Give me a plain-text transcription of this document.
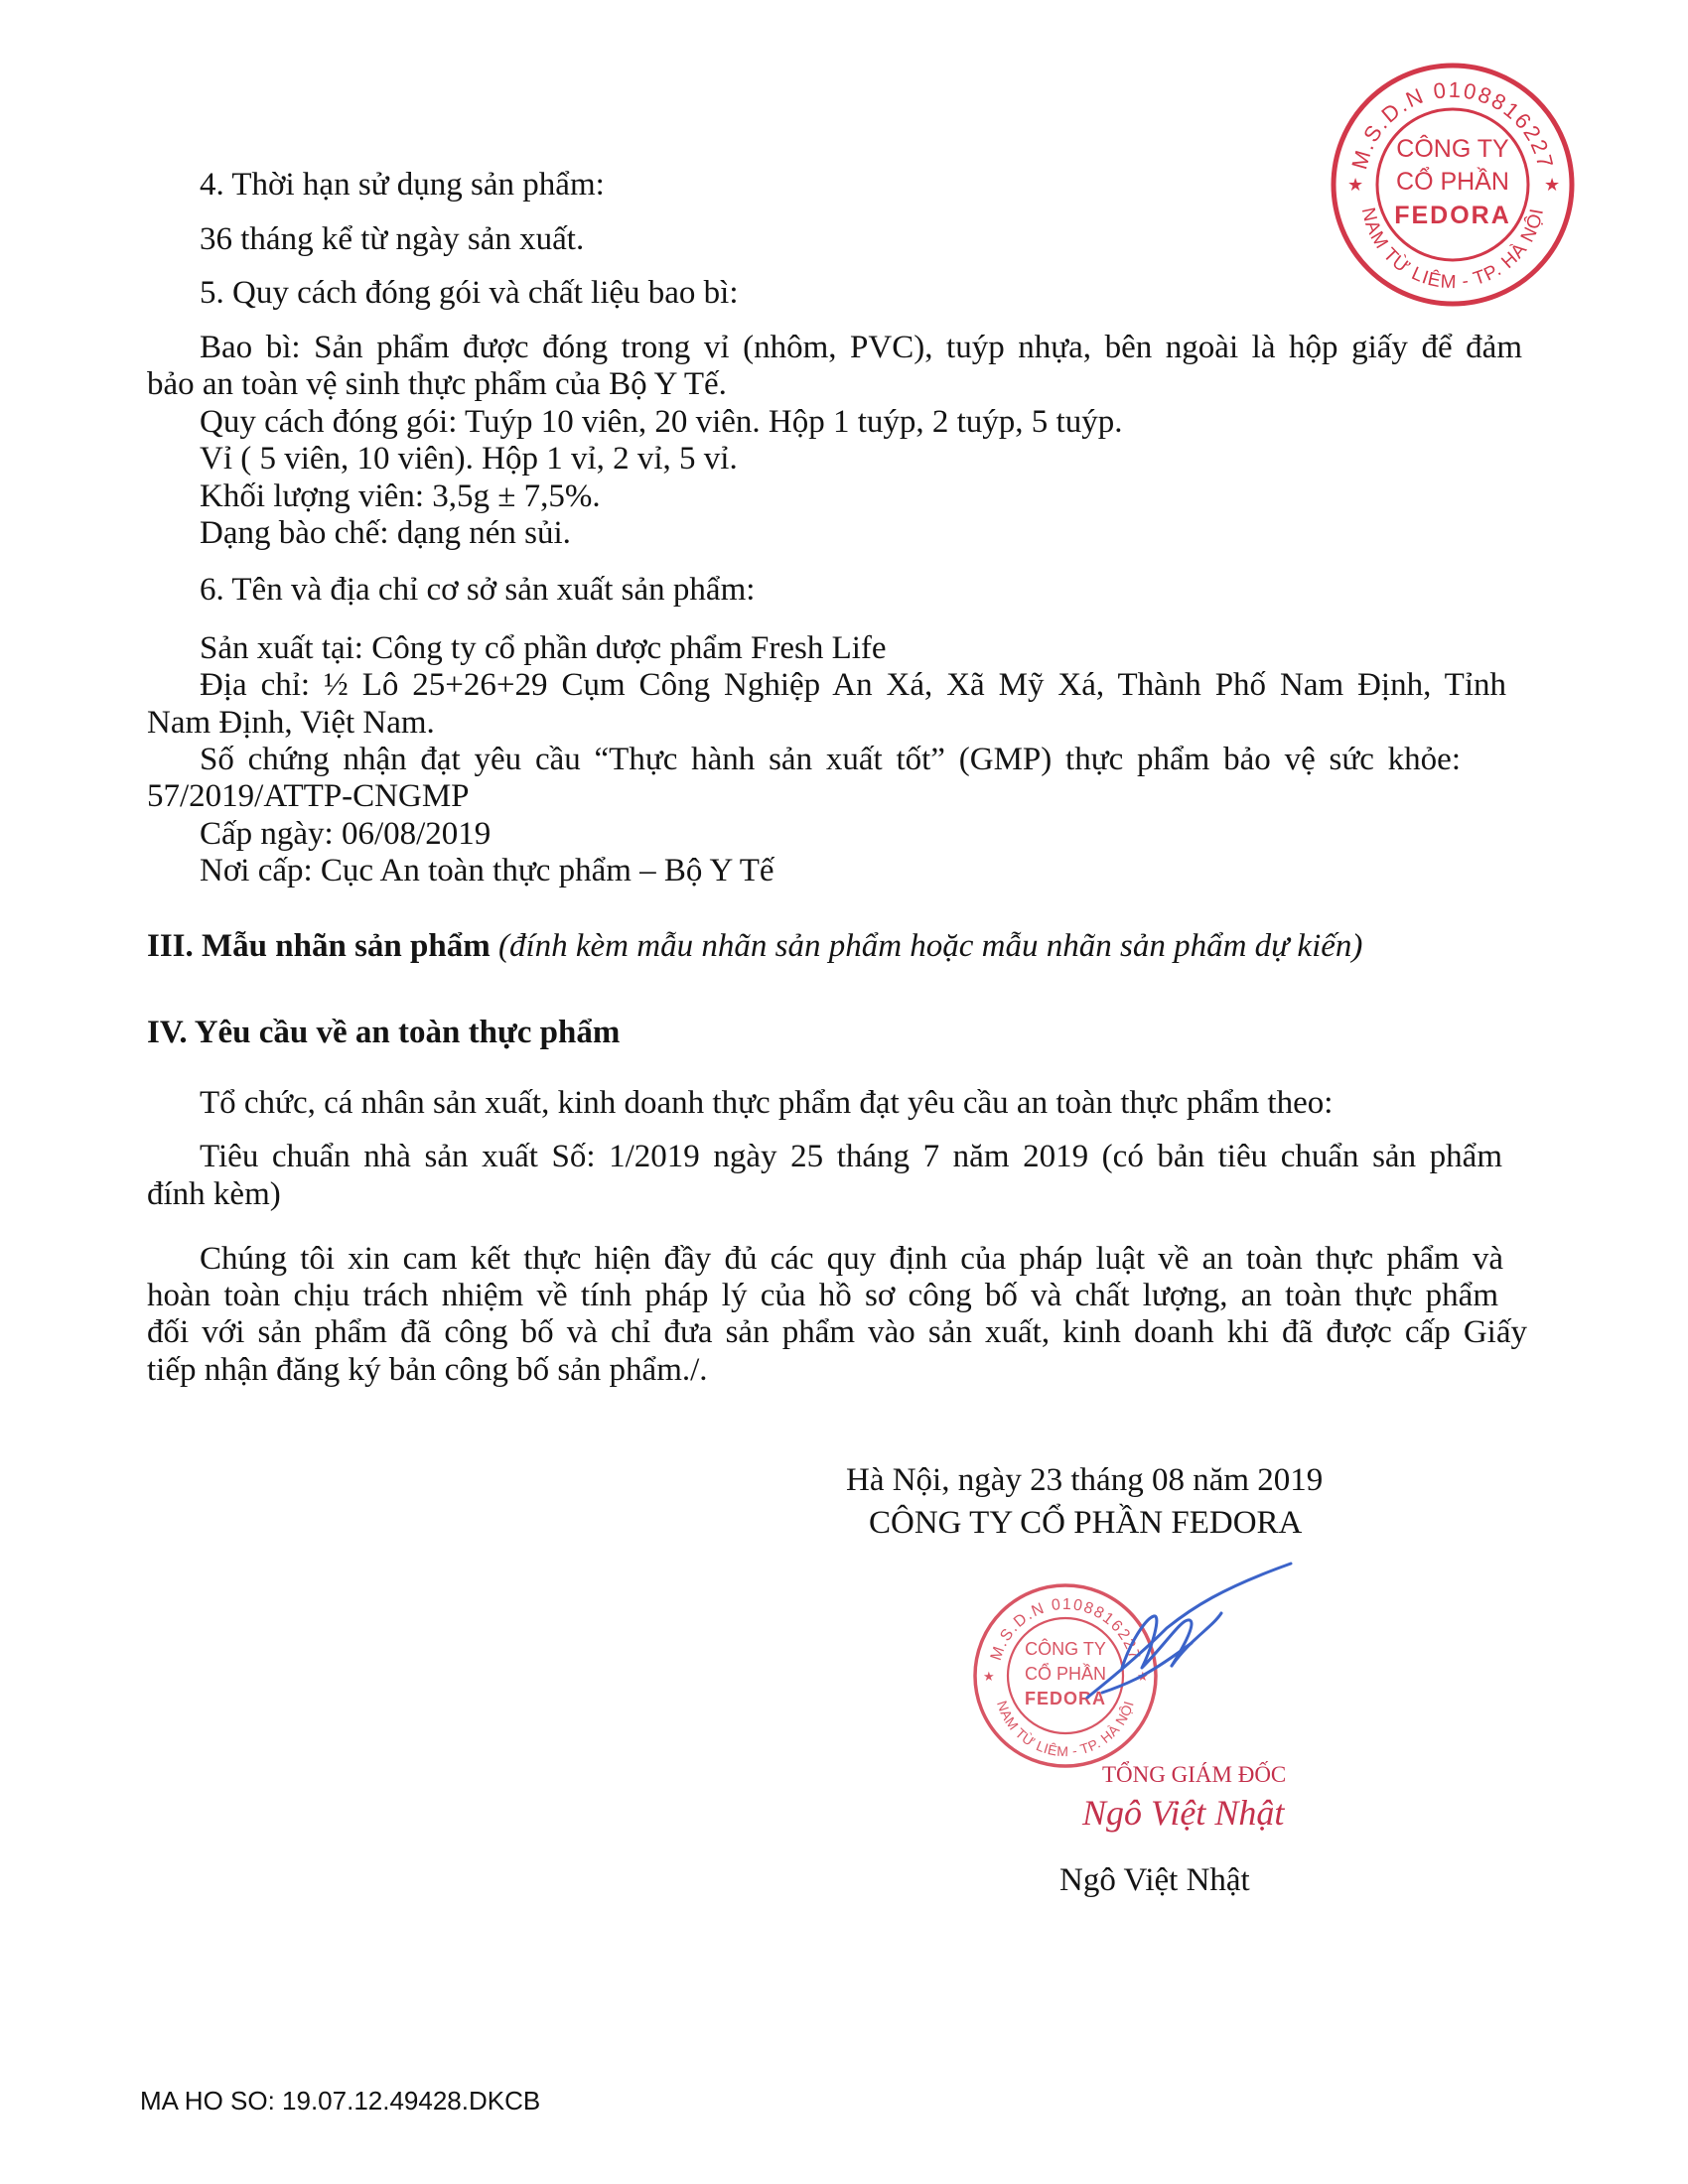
M.S.D.N 0108816227
NAM TỪ LIÊM - TP. HÀ NỘI
★	★
CÔNG TY
CỔ PHẦN
FEDORA

4. Thời hạn sử dụng sản phẩm:

36 tháng kể từ ngày sản xuất.

5. Quy cách đóng gói và chất liệu bao bì:

Bao bì: Sản phẩm được đóng trong vỉ (nhôm, PVC), tuýp nhựa, bên ngoài là hộp giấy để đảm

bảo an toàn vệ sinh thực phẩm của Bộ Y Tế.

Quy cách đóng gói: Tuýp 10 viên, 20 viên. Hộp 1 tuýp, 2 tuýp, 5 tuýp.

Vỉ ( 5 viên, 10 viên). Hộp 1 vỉ, 2 vỉ, 5 vỉ.

Khối lượng viên: 3,5g ± 7,5%.

Dạng bào chế: dạng nén sủi.

6. Tên và địa chỉ cơ sở sản xuất sản phẩm:

Sản xuất tại: Công ty cổ phần dược phẩm Fresh Life

Địa chỉ: ½ Lô 25+26+29 Cụm Công Nghiệp An Xá, Xã Mỹ Xá, Thành Phố Nam Định, Tỉnh

Nam Định, Việt Nam.

Số chứng nhận đạt yêu cầu “Thực hành sản xuất tốt” (GMP) thực phẩm bảo vệ sức khỏe:

57/2019/ATTP-CNGMP

Cấp ngày: 06/08/2019

Nơi cấp: Cục An toàn thực phẩm – Bộ Y Tế

III. Mẫu nhãn sản phẩm (đính kèm mẫu nhãn sản phẩm hoặc mẫu nhãn sản phẩm dự kiến)

IV. Yêu cầu về an toàn thực phẩm

Tổ chức, cá nhân sản xuất, kinh doanh thực phẩm đạt yêu cầu an toàn thực phẩm theo:

Tiêu chuẩn nhà sản xuất Số: 1/2019 ngày 25 tháng 7 năm 2019 (có bản tiêu chuẩn sản phẩm

đính kèm)

Chúng tôi xin cam kết thực hiện đầy đủ các quy định của pháp luật về an toàn thực phẩm và

hoàn toàn chịu trách nhiệm về tính pháp lý của hồ sơ công bố và chất lượng, an toàn thực phẩm

đối với sản phẩm đã công bố và chỉ đưa sản phẩm vào sản xuất, kinh doanh khi đã được cấp Giấy

tiếp nhận đăng ký bản công bố sản phẩm./.

Hà Nội, ngày 23 tháng 08 năm 2019

CÔNG TY CỔ PHẦN FEDORA

M.S.D.N 0108816227
NAM TỪ LIÊM - TP. HÀ NỘI
★	★
CÔNG TY
CỔ PHẦN
FEDORA

TỔNG GIÁM ĐỐC

Ngô Việt Nhật

Ngô Việt Nhật

MA HO SO: 19.07.12.49428.DKCB
